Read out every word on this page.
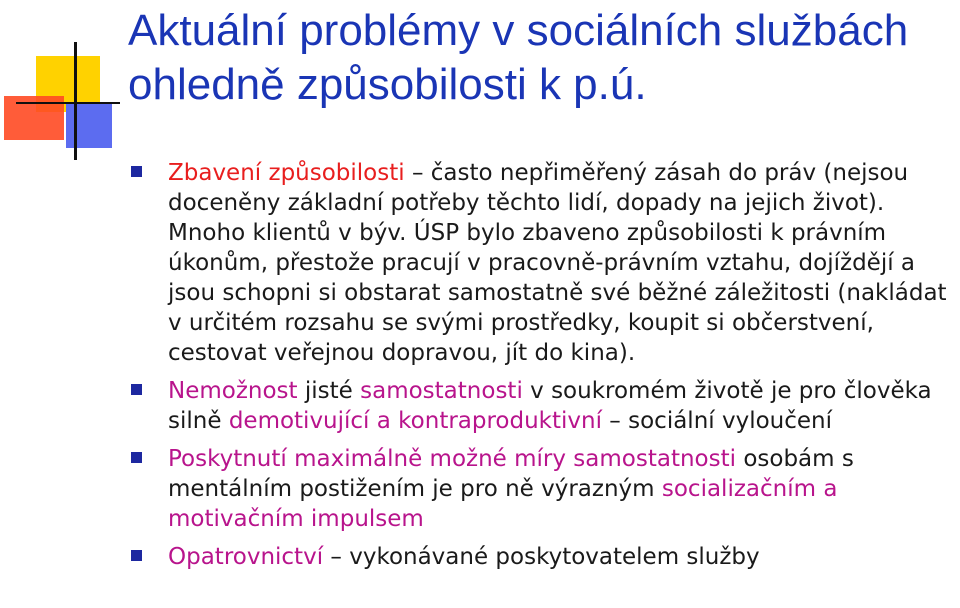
Aktuální problémy v sociálních službách ohledně způsobilosti k p.ú.
Zbavení způsobilosti – často nepřiměřený zásah do práv (nejsou doceněny základní potřeby těchto lidí, dopady na jejich život). Mnoho klientů v býv. ÚSP bylo zbaveno způsobilosti k právním úkonům, přestože pracují v pracovně-právním vztahu, dojíždějí a jsou schopni si obstarat samostatně své běžné záležitosti (nakládat v určitém rozsahu se svými prostředky, koupit si občerstvení, cestovat veřejnou dopravou, jít do kina).
Nemožnost jisté samostatnosti v soukromém životě je pro člověka silně demotivující a kontraproduktivní – sociální vyloučení
Poskytnutí maximálně možné míry samostatnosti osobám s mentálním postižením je pro ně výrazným socializačním a motivačním impulsem
Opatrovnictví – vykonávané poskytovatelem služby
